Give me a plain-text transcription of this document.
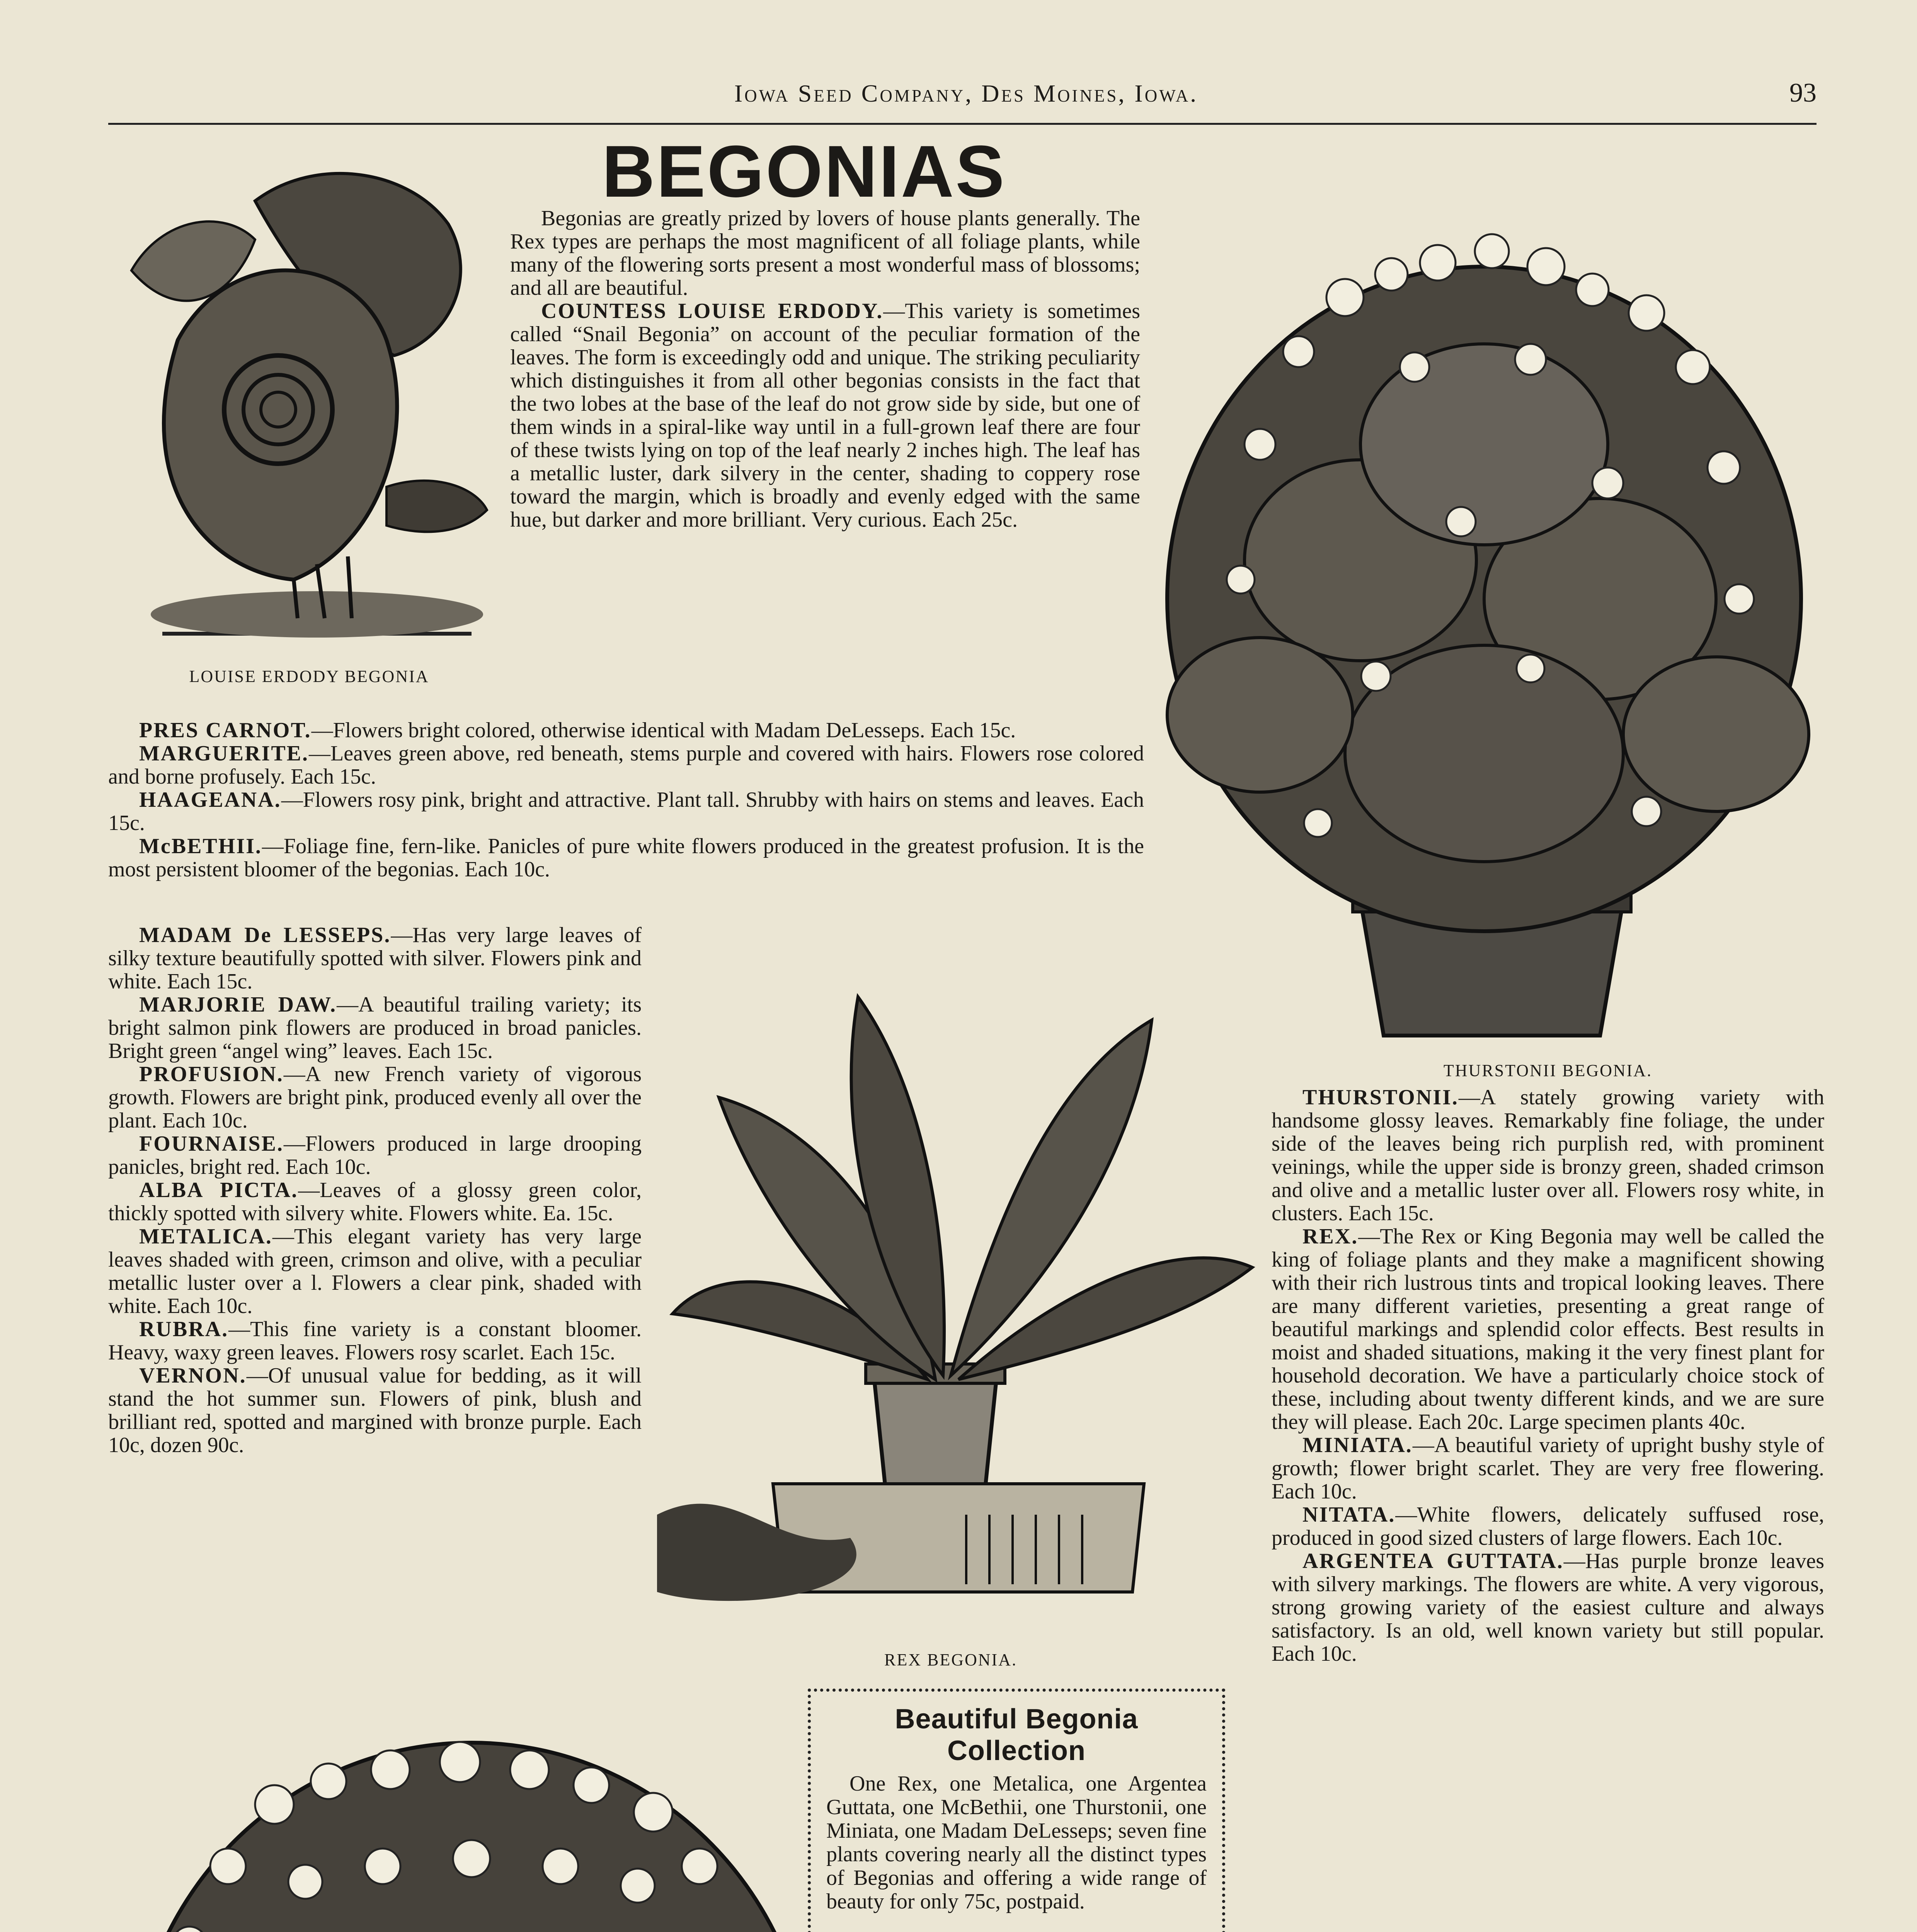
Iowa Seed Company, Des Moines, Iowa.	93
BEGONIAS
LOUISE ERDODY BEGONIA
THURSTONII BEGONIA.
REX BEGONIA.

Begonias are greatly prized by lovers of house plants generally. The Rex types are perhaps the most magnificent of all foliage plants, while many of the flowering sorts present a most wonderful mass of blossoms; and all are beautiful.

COUNTESS LOUISE ERDODY.—This variety is sometimes called “Snail Begonia” on account of the peculiar formation of the leaves. The form is exceedingly odd and unique. The striking peculiarity which distinguishes it from all other begonias consists in the fact that the two lobes at the base of the leaf do not grow side by side, but one of them winds in a spiral-like way until in a full-grown leaf there are four of these twists lying on top of the leaf nearly 2 inches high. The leaf has a metallic luster, dark silvery in the center, shading to coppery rose toward the margin, which is broadly and evenly edged with the same hue, but darker and more brilliant. Very curious. Each 25c.

PRES CARNOT.—Flowers bright colored, otherwise identical with Madam DeLesseps. Each 15c.

MARGUERITE.—Leaves green above, red beneath, stems purple and covered with hairs. Flowers rose colored and borne profusely. Each 15c.

HAAGEANA.—Flowers rosy pink, bright and attractive. Plant tall. Shrubby with hairs on stems and leaves. Each 15c.

McBETHII.—Foliage fine, fern-like. Panicles of pure white flowers produced in the greatest profusion. It is the most persistent bloomer of the begonias. Each 10c.

MADAM De LESSEPS.—Has very large leaves of silky texture beautifully spotted with silver. Flowers pink and white. Each 15c.

MARJORIE DAW.—A beautiful trailing variety; its bright salmon pink flowers are produced in broad panicles. Bright green “angel wing” leaves. Each 15c.

PROFUSION.—A new French variety of vigorous growth. Flowers are bright pink, produced evenly all over the plant. Each 10c.

FOURNAISE.—Flowers produced in large drooping panicles, bright red. Each 10c.

ALBA PICTA.—Leaves of a glossy green color, thickly spotted with silvery white. Flowers white. Ea. 15c.

METALICA.—This elegant variety has very large leaves shaded with green, crimson and olive, with a peculiar metallic luster over a l. Flowers a clear pink, shaded with white. Each 10c.

RUBRA.—This fine variety is a constant bloomer. Heavy, waxy green leaves. Flowers rosy scarlet. Each 15c.

VERNON.—Of unusual value for bedding, as it will stand the hot summer sun. Flowers of pink, blush and brilliant red, spotted and margined with bronze purple. Each 10c, dozen 90c.

THURSTONII.—A stately growing variety with handsome glossy leaves. Remarkably fine foliage, the under side of the leaves being rich purplish red, with prominent veinings, while the upper side is bronzy green, shaded crimson and olive and a metallic luster over all. Flowers rosy white, in clusters. Each 15c.

REX.—The Rex or King Begonia may well be called the king of foliage plants and they make a magnificent showing with their rich lustrous tints and tropical looking leaves. There are many different varieties, presenting a great range of beautiful markings and splendid color effects. Best results in moist and shaded situations, making it the very finest plant for household decoration. We have a particularly choice stock of these, including about twenty different kinds, and we are sure they will please. Each 20c. Large specimen plants 40c.

MINIATA.—A beautiful variety of upright bushy style of growth; flower bright scarlet. They are very free flowering. Each 10c.

NITATA.—White flowers, delicately suffused rose, produced in good sized clusters of large flowers. Each 10c.

ARGENTEA GUTTATA.—Has purple bronze leaves with silvery markings. The flowers are white. A very vigorous, strong growing variety of the easiest culture and always satisfactory. Is an old, well known variety but still popular. Each 10c.

Beautiful Begonia Collection
One Rex, one Metalica, one Argentea Guttata, one McBethii, one Thurstonii, one Miniata, one Madam DeLesseps; seven fine plants covering nearly all the distinct types of Begonias and offering a wide range of beauty for only 75c, postpaid.
